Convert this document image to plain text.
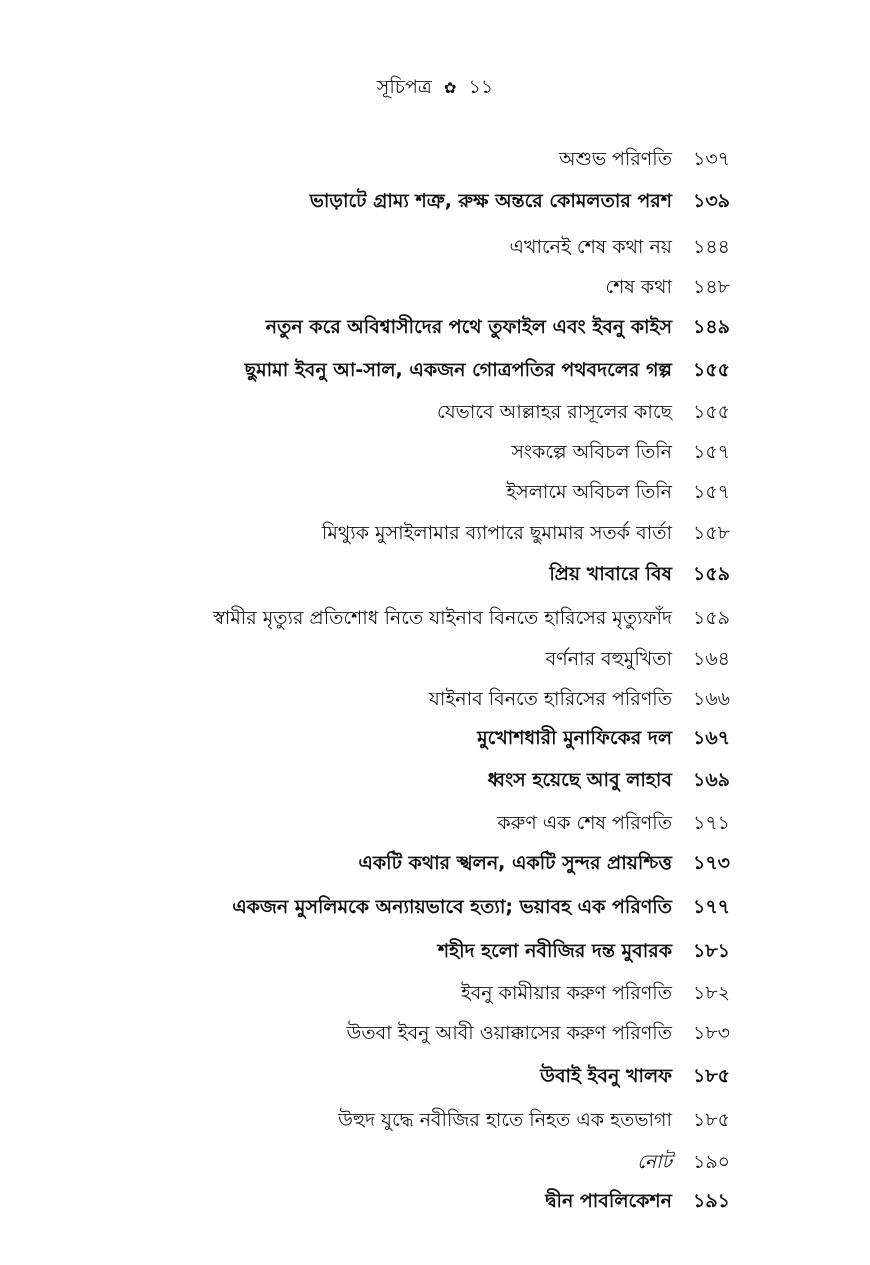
সূচিপত্র ✿ ১১
অশুভ পরিণতি ১৩৭
ভাড়াটে গ্রাম্য শত্রু, রুক্ষ অন্তরে কোমলতার পরশ ১৩৯
এখানেই শেষ কথা নয় ১৪৪
শেষ কথা ১৪৮
নতুন করে অবিশ্বাসীদের পথে তুফাইল এবং ইবনু কাইস ১৪৯
ছুমামা ইবনু আ-সাল, একজন গোত্রপতির পথবদলের গল্প ১৫৫
যেভাবে আল্লাহর রাসূলের কাছে ১৫৫
সংকল্পে অবিচল তিনি ১৫৭
ইসলামে অবিচল তিনি ১৫৭
মিথ্যুক মুসাইলামার ব্যাপারে ছুমামার সতর্ক বার্তা ১৫৮
প্রিয় খাবারে বিষ ১৫৯
স্বামীর মৃত্যুর প্রতিশোধ নিতে যাইনাব বিনতে হারিসের মৃত্যুফাঁদ ১৫৯
বর্ণনার বহুমুখিতা ১৬৪
যাইনাব বিনতে হারিসের পরিণতি ১৬৬
মুখোশধারী মুনাফিকের দল ১৬৭
ধ্বংস হয়েছে আবু লাহাব ১৬৯
করুণ এক শেষ পরিণতি ১৭১
একটি কথার স্খলন, একটি সুন্দর প্রায়শ্চিত্ত ১৭৩
একজন মুসলিমকে অন্যায়ভাবে হত্যা; ভয়াবহ এক পরিণতি ১৭৭
শহীদ হলো নবীজির দন্ত মুবারক ১৮১
ইবনু কামীয়ার করুণ পরিণতি ১৮২
উতবা ইবনু আবী ওয়াক্কাসের করুণ পরিণতি ১৮৩
উবাই ইবনু খালফ ১৮৫
উহুদ যুদ্ধে নবীজির হাতে নিহত এক হতভাগা ১৮৫
নোট ১৯০
দ্বীন পাবলিকেশন ১৯১
